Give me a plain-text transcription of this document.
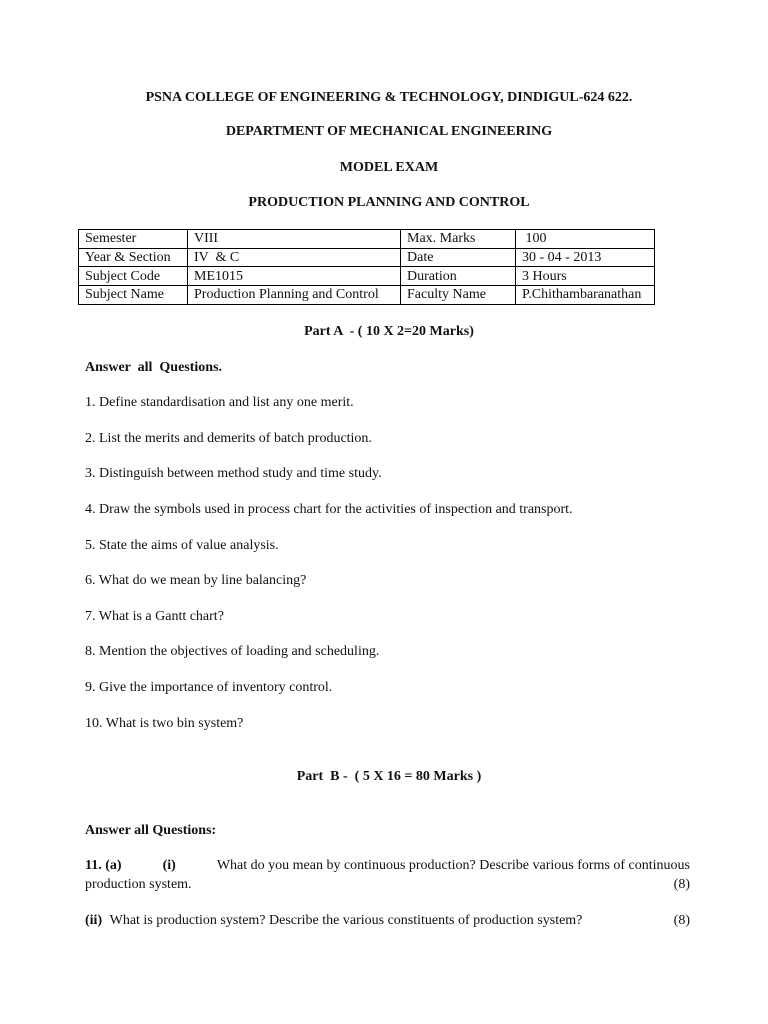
PSNA COLLEGE OF ENGINEERING & TECHNOLOGY, DINDIGUL-624 622.
DEPARTMENT OF MECHANICAL ENGINEERING
MODEL EXAM
PRODUCTION PLANNING AND CONTROL
Semester	VIII	Max. Marks	100
Year & Section	IV  & C	Date	30 - 04 - 2013
Subject Code	ME1015	Duration	3 Hours
Subject Name	Production Planning and Control	Faculty Name	P.Chithambaranathan
Part A  - ( 10 X 2=20 Marks)
Answer  all  Questions.
1. Define standardisation and list any one merit.
2. List the merits and demerits of batch production.
3. Distinguish between method study and time study.
4. Draw the symbols used in process chart for the activities of inspection and transport.
5. State the aims of value analysis.
6. What do we mean by line balancing?
7. What is a Gantt chart?
8. Mention the objectives of loading and scheduling.
9. Give the importance of inventory control.
10. What is two bin system?
Part  B -  ( 5 X 16 = 80 Marks )
Answer all Questions:
11. (a)	(i)	What do you mean by continuous production? Describe various forms of continuous
production system.	(8)
(ii) What is production system? Describe the various constituents of production system?	(8)
